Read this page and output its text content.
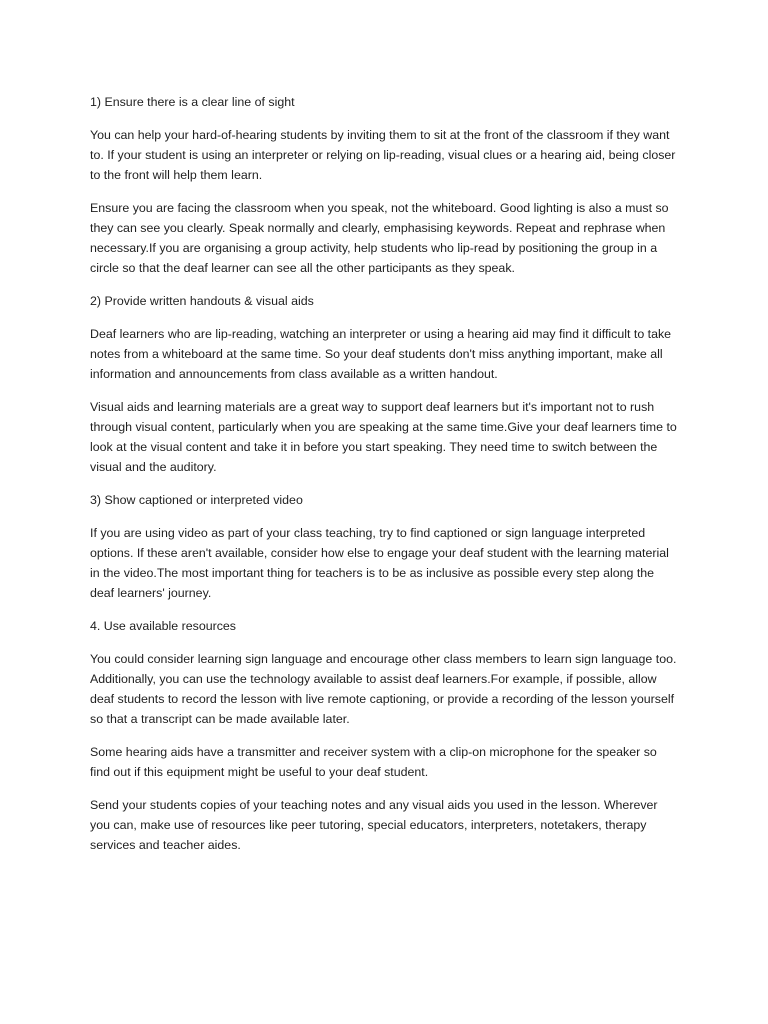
1) Ensure there is a clear line of sight

You can help your hard-of-hearing students by inviting them to sit at the front of the classroom if they want to. If your student is using an interpreter or relying on lip-reading, visual clues or a hearing aid, being closer to the front will help them learn.

Ensure you are facing the classroom when you speak, not the whiteboard. Good lighting is also a must so they can see you clearly. Speak normally and clearly, emphasising keywords. Repeat and rephrase when necessary.If you are organising a group activity, help students who lip-read by positioning the group in a circle so that the deaf learner can see all the other participants as they speak.

2) Provide written handouts & visual aids

Deaf learners who are lip-reading, watching an interpreter or using a hearing aid may find it difficult to take notes from a whiteboard at the same time. So your deaf students don't miss anything important, make all information and announcements from class available as a written handout.

Visual aids and learning materials are a great way to support deaf learners but it's important not to rush through visual content, particularly when you are speaking at the same time.Give your deaf learners time to look at the visual content and take it in before you start speaking. They need time to switch between the visual and the auditory.

3) Show captioned or interpreted video

If you are using video as part of your class teaching, try to find captioned or sign language interpreted options. If these aren't available, consider how else to engage your deaf student with the learning material in the video.The most important thing for teachers is to be as inclusive as possible every step along the deaf learners' journey.

4. Use available resources

You could consider learning sign language and encourage other class members to learn sign language too. Additionally, you can use the technology available to assist deaf learners.For example, if possible, allow deaf students to record the lesson with live remote captioning, or provide a recording of the lesson yourself so that a transcript can be made available later.

Some hearing aids have a transmitter and receiver system with a clip-on microphone for the speaker so find out if this equipment might be useful to your deaf student.

Send your students copies of your teaching notes and any visual aids you used in the lesson. Wherever you can, make use of resources like peer tutoring, special educators, interpreters, notetakers, therapy services and teacher aides.
